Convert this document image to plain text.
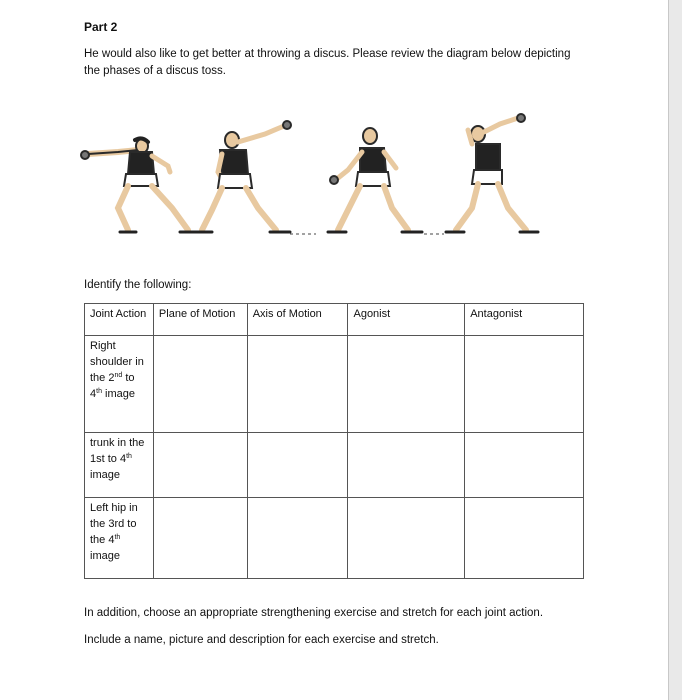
Part 2
He would also like to get better at throwing a discus. Please review the diagram below depicting the phases of a discus toss.
Identify the following:
Joint Action	Plane of Motion	Axis of Motion	Agonist	Antagonist
Right shoulder in the 2nd to 4th image				
trunk in the 1st to 4th image				
Left hip in the 3rd to the 4th image				
In addition, choose an appropriate strengthening exercise and stretch for each joint action.
Include a name, picture and description for each exercise and stretch.
